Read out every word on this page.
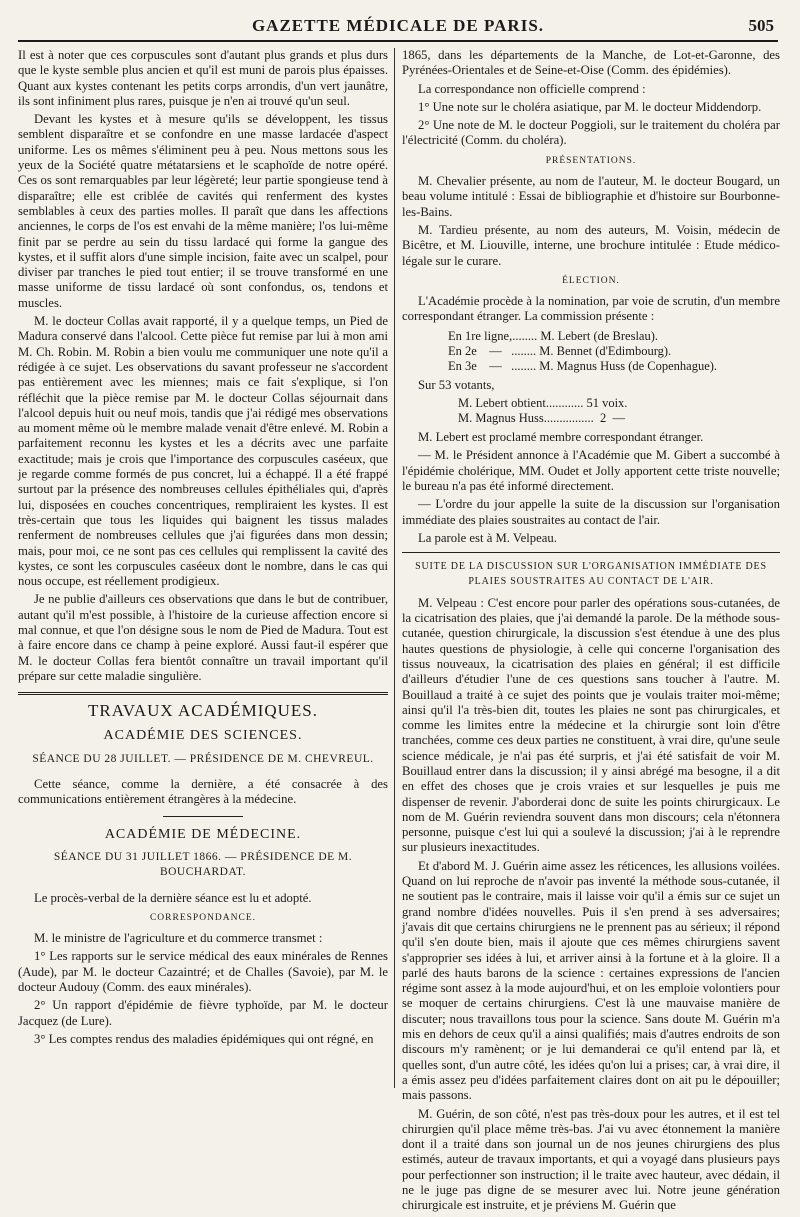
GAZETTE MÉDICALE DE PARIS.	505

Il est à noter que ces corpuscules sont d'autant plus grands et plus durs que le kyste semble plus ancien et qu'il est muni de parois plus épaisses. Quant aux kystes contenant les petits corps arrondis, d'un vert jaunâtre, ils sont infiniment plus rares, puisque je n'en ai trouvé qu'un seul.

Devant les kystes et à mesure qu'ils se développent, les tissus semblent disparaître et se confondre en une masse lardacée d'aspect uniforme. Les os mêmes s'éliminent peu à peu. Nous mettons sous les yeux de la Société quatre métatarsiens et le scaphoïde de notre opéré. Ces os sont remarquables par leur légèreté; leur partie spongieuse tend à disparaître; elle est criblée de cavités qui renferment des kystes semblables à ceux des parties molles. Il paraît que dans les affections anciennes, le corps de l'os est envahi de la même manière; l'os lui-même finit par se perdre au sein du tissu lardacé qui forme la gangue des kystes, et il suffit alors d'une simple incision, faite avec un scalpel, pour diviser par tranches le pied tout entier; il se trouve transformé en une masse uniforme de tissu lardacé où sont confondus, os, tendons et muscles.

M. le docteur Collas avait rapporté, il y a quelque temps, un Pied de Madura conservé dans l'alcool. Cette pièce fut remise par lui à mon ami M. Ch. Robin. M. Robin a bien voulu me communiquer une note qu'il a rédigée à ce sujet. Les observations du savant professeur ne s'accordent pas entièrement avec les miennes; mais ce fait s'explique, si l'on réfléchit que la pièce remise par M. le docteur Collas séjournait dans l'alcool depuis huit ou neuf mois, tandis que j'ai rédigé mes observations au moment même où le membre malade venait d'être enlevé. M. Robin a parfaitement reconnu les kystes et les a décrits avec une parfaite exactitude; mais je crois que l'importance des corpuscules caséeux, que je regarde comme formés de pus concret, lui a échappé. Il a été frappé surtout par la présence des nombreuses cellules épithéliales qui, d'après lui, disposées en couches concentriques, rempliraient les kystes. Il est très-certain que tous les liquides qui baignent les tissus malades renferment de nombreuses cellules que j'ai figurées dans mon dessin; mais, pour moi, ce ne sont pas ces cellules qui remplissent la cavité des kystes, ce sont les corpuscules caséeux dont le nombre, dans le cas qui nous occupe, est réellement prodigieux.

Je ne publie d'ailleurs ces observations que dans le but de contribuer, autant qu'il m'est possible, à l'histoire de la curieuse affection encore si mal connue, et que l'on désigne sous le nom de Pied de Madura. Tout est à faire encore dans ce champ à peine exploré. Aussi faut-il espérer que M. le docteur Collas fera bientôt connaître un travail important qu'il prépare sur cette maladie singulière.

TRAVAUX ACADÉMIQUES.
ACADÉMIE DES SCIENCES.
SÉANCE DU 28 JUILLET. — PRÉSIDENCE DE M. CHEVREUL.

Cette séance, comme la dernière, a été consacrée à des communications entièrement étrangères à la médecine.

ACADÉMIE DE MÉDECINE.
SÉANCE DU 31 JUILLET 1866. — PRÉSIDENCE DE M. BOUCHARDAT.

Le procès-verbal de la dernière séance est lu et adopté.

CORRESPONDANCE.

M. le ministre de l'agriculture et du commerce transmet :

1° Les rapports sur le service médical des eaux minérales de Rennes (Aude), par M. le docteur Cazaintré; et de Challes (Savoie), par M. le docteur Audouy (Comm. des eaux minérales).

2° Un rapport d'épidémie de fièvre typhoïde, par M. le docteur Jacquez (de Lure).

3° Les comptes rendus des maladies épidémiques qui ont régné, en

1865, dans les départements de la Manche, de Lot-et-Garonne, des Pyrénées-Orientales et de Seine-et-Oise (Comm. des épidémies).

La correspondance non officielle comprend :

1° Une note sur le choléra asiatique, par M. le docteur Middendorp.

2° Une note de M. le docteur Poggioli, sur le traitement du choléra par l'électricité (Comm. du choléra).

PRÉSENTATIONS.

M. Chevalier présente, au nom de l'auteur, M. le docteur Bougard, un beau volume intitulé : Essai de bibliographie et d'histoire sur Bourbonne-les-Bains.

M. Tardieu présente, au nom des auteurs, M. Voisin, médecin de Bicêtre, et M. Liouville, interne, une brochure intitulée : Etude médico-légale sur le curare.

ÉLECTION.

L'Académie procède à la nomination, par voie de scrutin, d'un membre correspondant étranger. La commission présente :

En 1re ligne,........ M. Lebert (de Breslau).
En 2e    —   ........ M. Bennet (d'Edimbourg).
En 3e    —   ........ M. Magnus Huss (de Copenhague).

Sur 53 votants,

M. Lebert obtient............ 51 voix.
M. Magnus Huss................  2  —

M. Lebert est proclamé membre correspondant étranger.

— M. le Président annonce à l'Académie que M. Gibert a succombé à l'épidémie cholérique, MM. Oudet et Jolly apportent cette triste nouvelle; le bureau n'a pas été informé directement.

— L'ordre du jour appelle la suite de la discussion sur l'organisation immédiate des plaies soustraites au contact de l'air.

La parole est à M. Velpeau.

SUITE DE LA DISCUSSION SUR L'ORGANISATION IMMÉDIATE DES PLAIES SOUSTRAITES AU CONTACT DE L'AIR.

M. Velpeau : C'est encore pour parler des opérations sous-cutanées, de la cicatrisation des plaies, que j'ai demandé la parole. De la méthode sous-cutanée, question chirurgicale, la discussion s'est étendue à une des plus hautes questions de physiologie, à celle qui concerne l'organisation des tissus nouveaux, la cicatrisation des plaies en général; il est difficile d'ailleurs d'étudier l'une de ces questions sans toucher à l'autre. M. Bouillaud a traité à ce sujet des points que je voulais traiter moi-même; ainsi qu'il l'a très-bien dit, toutes les plaies ne sont pas chirurgicales, et comme les limites entre la médecine et la chirurgie sont loin d'être tranchées, comme ces deux parties ne constituent, à vrai dire, qu'une seule science médicale, je n'ai pas été surpris, et j'ai été satisfait de voir M. Bouillaud entrer dans la discussion; il y ainsi abrégé ma besogne, il a dit en effet des choses que je crois vraies et sur lesquelles je puis me dispenser de revenir. J'aborderai donc de suite les points chirurgicaux. Le nom de M. Guérin reviendra souvent dans mon discours; cela n'étonnera personne, puisque c'est lui qui a soulevé la discussion; j'ai à le reprendre sur plusieurs inexactitudes.

Et d'abord M. J. Guérin aime assez les réticences, les allusions voilées. Quand on lui reproche de n'avoir pas inventé la méthode sous-cutanée, il ne soutient pas le contraire, mais il laisse voir qu'il a émis sur ce sujet un grand nombre d'idées nouvelles. Puis il s'en prend à ses adversaires; j'avais dit que certains chirurgiens ne le prennent pas au sérieux; il répond qu'il s'en doute bien, mais il ajoute que ces mêmes chirurgiens savent s'approprier ses idées à lui, et arriver ainsi à la fortune et à la gloire. Il a parlé des hauts barons de la science : certaines expressions de l'ancien régime sont assez à la mode aujourd'hui, et on les emploie volontiers pour se moquer de certains chirurgiens. C'est là une mauvaise manière de discuter; nous travaillons tous pour la science. Sans doute M. Guérin m'a mis en dehors de ceux qu'il a ainsi qualifiés; mais d'autres endroits de son discours m'y ramènent; or je lui demanderai ce qu'il entend par là, et quelles sont, d'un autre côté, les idées qu'on lui a prises; car, à vrai dire, il a émis assez peu d'idées parfaitement claires dont on ait pu le dépouiller; mais passons.

M. Guérin, de son côté, n'est pas très-doux pour les autres, et il est tel chirurgien qu'il place même très-bas. J'ai vu avec étonnement la manière dont il a traité dans son journal un de nos jeunes chirurgiens des plus estimés, auteur de travaux importants, et qui a voyagé dans plusieurs pays pour perfectionner son instruction; il le traite avec hauteur, avec dédain, il ne le juge pas digne de se mesurer avec lui. Notre jeune génération chirurgicale est instruite, et je préviens M. Guérin que
